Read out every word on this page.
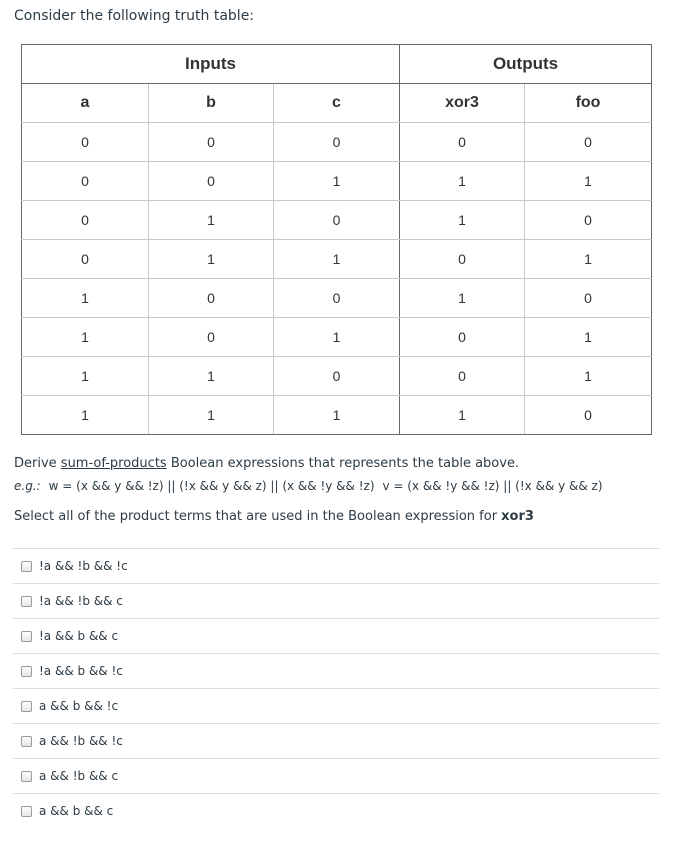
Consider the following truth table:
Inputs			Outputs	
a	b	c	xor3	foo
0	0	0	0	0
0	0	1	1	1
0	1	0	1	0
0	1	1	0	1
1	0	0	1	0
1	0	1	0	1
1	1	0	0	1
1	1	1	1	0
Derive sum-of-products Boolean expressions that represents the table above.
e.g.: w = (x && y && !z) || (!x && y && z) || (x && !y && !z) v = (x && !y && !z) || (!x && y && z)
Select all of the product terms that are used in the Boolean expression for xor3
!a && !b && !c
!a && !b && c
!a && b && c
!a && b && !c
a && b && !c
a && !b && !c
a && !b && c
a && b && c
